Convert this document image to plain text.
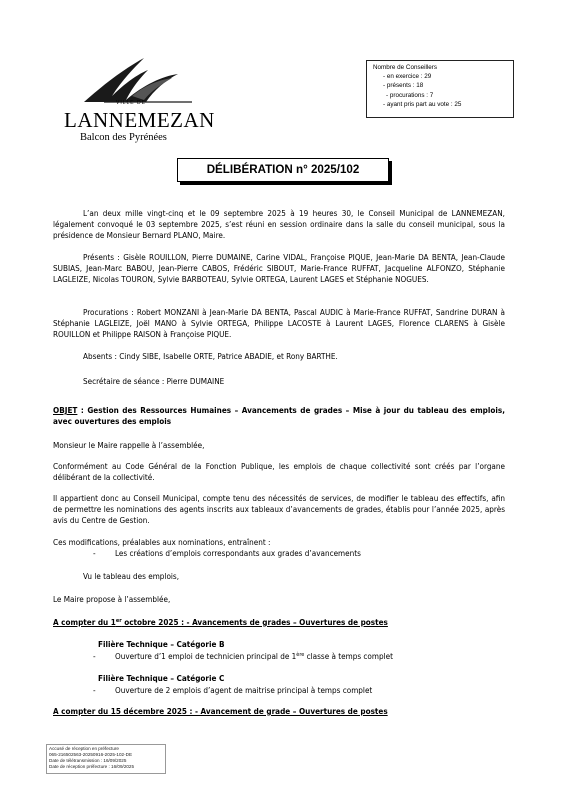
VILLE DE
LANNEMEZAN
Balcon des Pyrénées
Nombre de Conseillers
- en exercice : 29
- présents : 18
- procurations : 7
- ayant pris part au vote : 25
DÉLIBÉRATION n° 2025/102
L’an deux mille vingt-cinq et le 09 septembre 2025 à 19 heures 30, le Conseil Municipal de LANNEMEZAN, légalement convoqué le 03 septembre 2025, s’est réuni en session ordinaire dans la salle du conseil municipal, sous la présidence de Monsieur Bernard PLANO, Maire.
Présents : Gisèle ROUILLON, Pierre DUMAINE, Carine VIDAL, Françoise PIQUE, Jean-Marie DA BENTA, Jean-Claude SUBIAS, Jean-Marc BABOU, Jean-Pierre CABOS, Frédéric SIBOUT, Marie-France RUFFAT, Jacqueline ALFONZO, Stéphanie LAGLEIZE, Nicolas TOURON, Sylvie BARBOTEAU, Sylvie ORTEGA, Laurent LAGES et Stéphanie NOGUES.
Procurations : Robert MONZANI à Jean-Marie DA BENTA, Pascal AUDIC à Marie-France RUFFAT, Sandrine DURAN à Stéphanie LAGLEIZE, Joël MANO à Sylvie ORTEGA, Philippe LACOSTE à Laurent LAGES, Florence CLARENS à Gisèle ROUILLON et Philippe RAISON à Françoise PIQUE.
Absents : Cindy SIBE, Isabelle ORTE, Patrice ABADIE, et Rony BARTHE.
Secrétaire de séance : Pierre DUMAINE
OBJET : Gestion des Ressources Humaines – Avancements de grades – Mise à jour du tableau des emplois, avec ouvertures des emplois
Monsieur le Maire rappelle à l’assemblée,
Conformément au Code Général de la Fonction Publique, les emplois de chaque collectivité sont créés par l’organe délibérant de la collectivité.
Il appartient donc au Conseil Municipal, compte tenu des nécessités de services, de modifier le tableau des effectifs, afin de permettre les nominations des agents inscrits aux tableaux d’avancements de grades, établis pour l’année 2025, après avis du Centre de Gestion.
Ces modifications, préalables aux nominations, entraînent :
- Les créations d’emplois correspondants aux grades d’avancements
Vu le tableau des emplois,
Le Maire propose à l’assemblée,
A compter du 1er octobre 2025 : - Avancements de grades – Ouvertures de postes
Filière Technique – Catégorie B
- Ouverture d’1 emploi de technicien principal de 1ère classe à temps complet
Filière Technique – Catégorie C
- Ouverture de 2 emplois d’agent de maitrise principal à temps complet
A compter du 15 décembre 2025 : - Avancement de grade – Ouvertures de postes
Accusé de réception en préfecture
065-216502563-20250916-2025-102-DE
Date de télétransmission : 16/09/2025
Date de réception préfecture : 16/09/2025
